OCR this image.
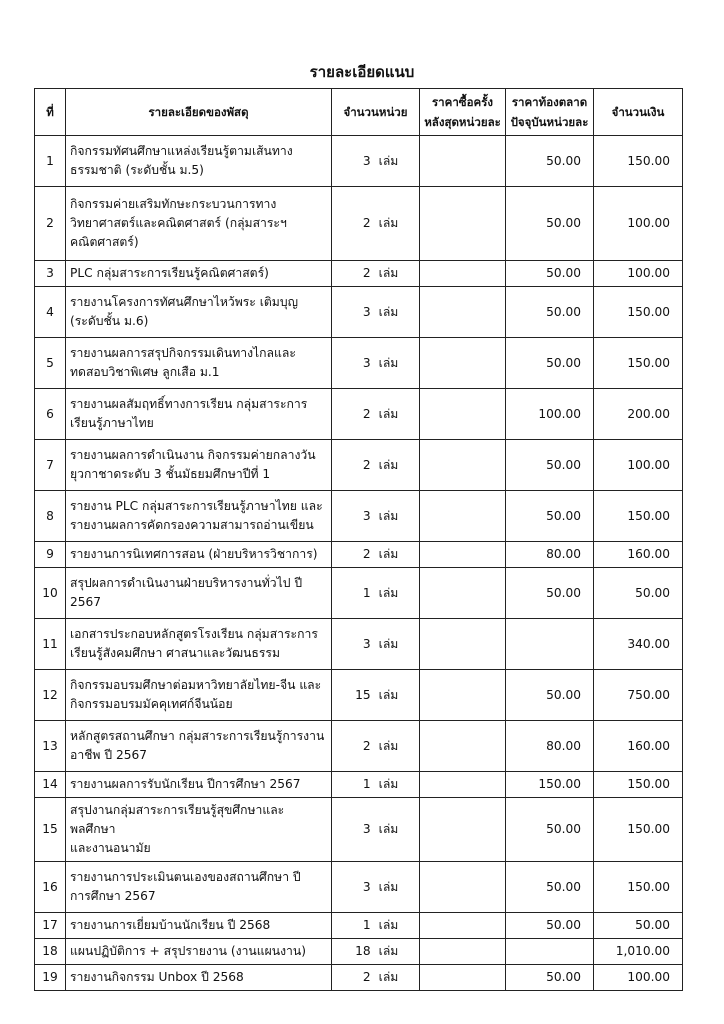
รายละเอียดแนบ
ที่	รายละเอียดของพัสดุ	จำนวนหน่วย	ราคาซื้อครั้ง
หลังสุดหน่วยละ	ราคาท้องตลาด
ปัจจุบันหน่วยละ	จำนวนเงิน
1	กิจกรรมทัศนศึกษาแหล่งเรียนรู้ตามเส้นทาง
ธรรมชาติ (ระดับชั้น ม.5)	3 เล่ม		50.00	150.00
2	กิจกรรมค่ายเสริมทักษะกระบวนการทาง
วิทยาศาสตร์และคณิตศาสตร์ (กลุ่มสาระฯ
คณิตศาสตร์)	2 เล่ม		50.00	100.00
3	PLC กลุ่มสาระการเรียนรู้คณิตศาสตร์)	2 เล่ม		50.00	100.00
4	รายงานโครงการทัศนศึกษาไหว้พระ เติมบุญ
(ระดับชั้น ม.6)	3 เล่ม		50.00	150.00
5	รายงานผลการสรุปกิจกรรมเดินทางไกลและ
ทดสอบวิชาพิเศษ ลูกเสือ ม.1	3 เล่ม		50.00	150.00
6	รายงานผลสัมฤทธิ์ทางการเรียน กลุ่มสาระการ
เรียนรู้ภาษาไทย	2 เล่ม		100.00	200.00
7	รายงานผลการดำเนินงาน กิจกรรมค่ายกลางวัน
ยุวกาชาดระดับ 3 ชั้นมัธยมศึกษาปีที่ 1	2 เล่ม		50.00	100.00
8	รายงาน PLC กลุ่มสาระการเรียนรู้ภาษาไทย และ
รายงานผลการคัดกรองความสามารถอ่านเขียน	3 เล่ม		50.00	150.00
9	รายงานการนิเทศการสอน (ฝ่ายบริหารวิชาการ)	2 เล่ม		80.00	160.00
10	สรุปผลการดำเนินงานฝ่ายบริหารงานทั่วไป ปี
2567	1 เล่ม		50.00	50.00
11	เอกสารประกอบหลักสูตรโรงเรียน กลุ่มสาระการ
เรียนรู้สังคมศึกษา ศาสนาและวัฒนธรรม	3 เล่ม			340.00
12	กิจกรรมอบรมศึกษาต่อมหาวิทยาลัยไทย-จีน และ
กิจกรรมอบรมมัคคุเทศก์จีนน้อย	15 เล่ม		50.00	750.00
13	หลักสูตรสถานศึกษา กลุ่มสาระการเรียนรู้การงาน
อาชีพ ปี 2567	2 เล่ม		80.00	160.00
14	รายงานผลการรับนักเรียน ปีการศึกษา 2567	1 เล่ม		150.00	150.00
15	สรุปงานกลุ่มสาระการเรียนรู้สุขศึกษาและพลศึกษา
และงานอนามัย	3 เล่ม		50.00	150.00
16	รายงานการประเมินตนเองของสถานศึกษา ปี
การศึกษา 2567	3 เล่ม		50.00	150.00
17	รายงานการเยี่ยมบ้านนักเรียน ปี 2568	1 เล่ม		50.00	50.00
18	แผนปฏิบัติการ + สรุปรายงาน (งานแผนงาน)	18 เล่ม			1,010.00
19	รายงานกิจกรรม Unbox ปี 2568	2 เล่ม		50.00	100.00
